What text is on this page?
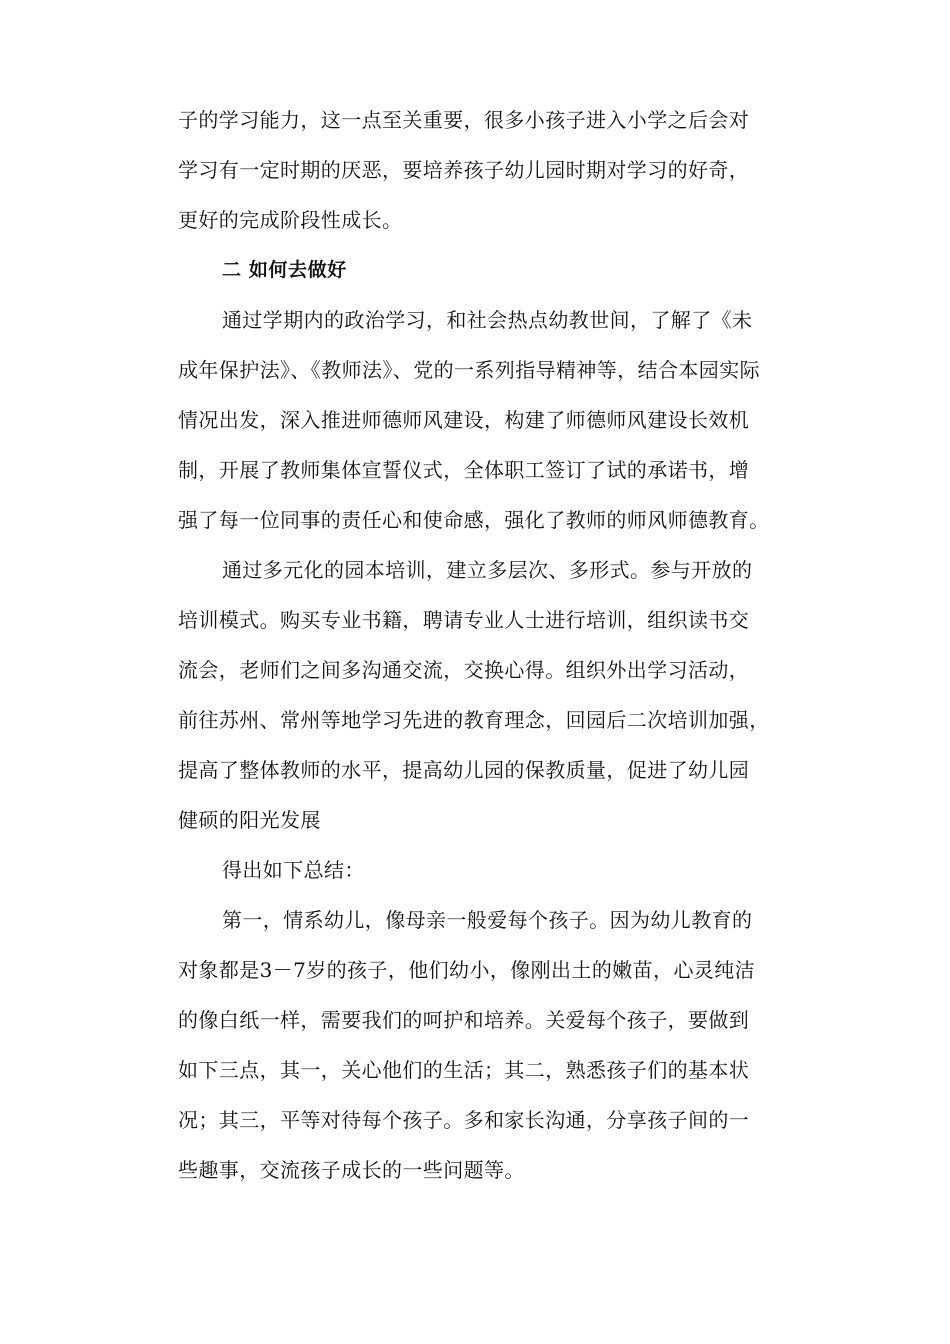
子的学习能力，这一点至关重要，很多小孩子进入小学之后会对
学习有一定时期的厌恶，要培养孩子幼儿园时期对学习的好奇，
更好的完成阶段性成长。
二 如何去做好
通过学期内的政治学习，和社会热点幼教世间，了解了《未
成年保护法》、《教师法》、党的一系列指导精神等，结合本园实际
情况出发，深入推进师德师风建设，构建了师德师风建设长效机
制，开展了教师集体宣誓仪式，全体职工签订了试的承诺书，增
强了每一位同事的责任心和使命感，强化了教师的师风师德教育。
通过多元化的园本培训，建立多层次、多形式。参与开放的
培训模式。购买专业书籍，聘请专业人士进行培训，组织读书交
流会，老师们之间多沟通交流，交换心得。组织外出学习活动，
前往苏州、常州等地学习先进的教育理念，回园后二次培训加强，
提高了整体教师的水平，提高幼儿园的保教质量，促进了幼儿园
健硕的阳光发展
得出如下总结：
第一，情系幼儿，像母亲一般爱每个孩子。因为幼儿教育的
对象都是3－7岁的孩子，他们幼小，像刚出土的嫩苗，心灵纯洁
的像白纸一样，需要我们的呵护和培养。关爱每个孩子，要做到
如下三点，其一，关心他们的生活；其二，熟悉孩子们的基本状
况；其三，平等对待每个孩子。多和家长沟通，分享孩子间的一
些趣事，交流孩子成长的一些问题等。
